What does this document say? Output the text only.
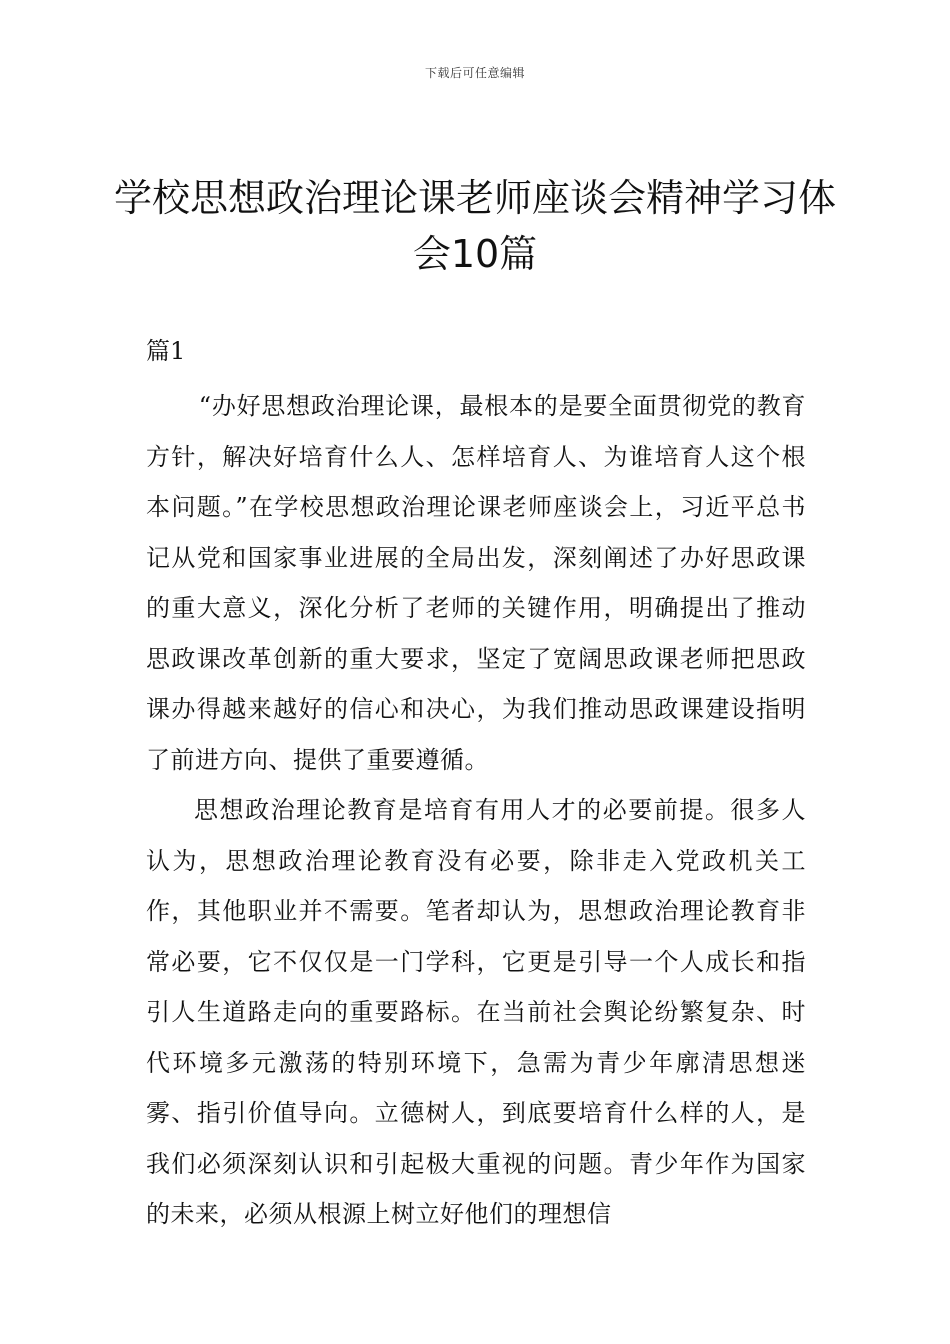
下载后可任意编辑
学校思想政治理论课老师座谈会精神学习体会10篇

篇1

“办好思想政治理论课，最根本的是要全面贯彻党的教育方针，解决好培育什么人、怎样培育人、为谁培育人这个根本问题。”在学校思想政治理论课老师座谈会上，习近平总书记从党和国家事业进展的全局出发，深刻阐述了办好思政课的重大意义，深化分析了老师的关键作用，明确提出了推动思政课改革创新的重大要求，坚定了宽阔思政课老师把思政课办得越来越好的信心和决心，为我们推动思政课建设指明了前进方向、提供了重要遵循。

思想政治理论教育是培育有用人才的必要前提。很多人认为，思想政治理论教育没有必要，除非走入党政机关工作，其他职业并不需要。笔者却认为，思想政治理论教育非常必要，它不仅仅是一门学科，它更是引导一个人成长和指引人生道路走向的重要路标。在当前社会舆论纷繁复杂、时代环境多元激荡的特别环境下，急需为青少年廓清思想迷雾、指引价值导向。立德树人，到底要培育什么样的人，是我们必须深刻认识和引起极大重视的问题。青少年作为国家的未来，必须从根源上树立好他们的理想信
